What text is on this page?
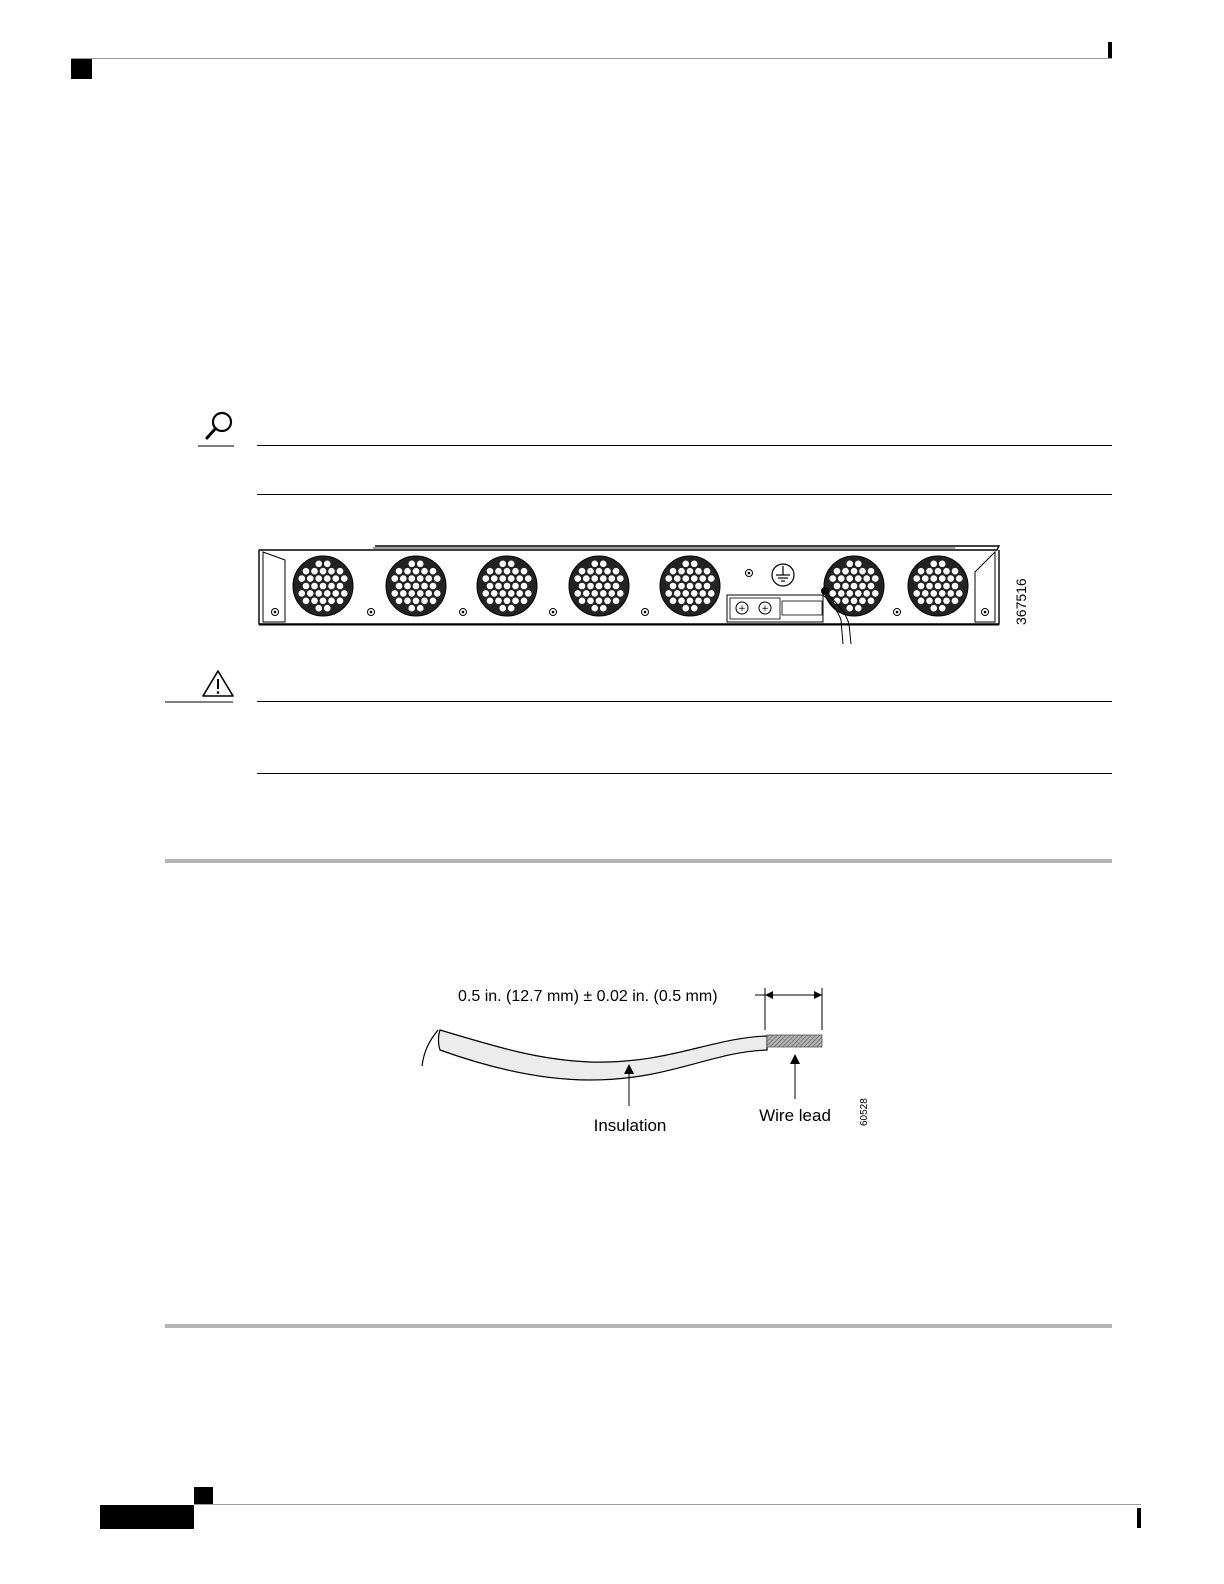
+ +	367516
0.5 in. (12.7 mm) ± 0.02 in. (0.5 mm)
Insulation
Wire lead	60528
